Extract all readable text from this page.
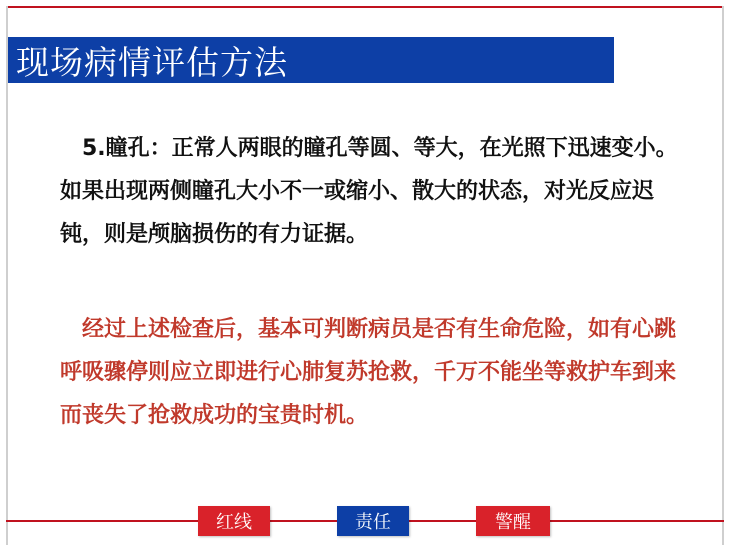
现场病情评估方法

5.瞳孔：正常人两眼的瞳孔等圆、等大，在光照下迅速变小。如果出现两侧瞳孔大小不一或缩小、散大的状态，对光反应迟钝，则是颅脑损伤的有力证据。

经过上述检查后，基本可判断病员是否有生命危险，如有心跳呼吸骤停则应立即进行心肺复苏抢救，千万不能坐等救护车到来而丧失了抢救成功的宝贵时机。

红线	责任	警醒
